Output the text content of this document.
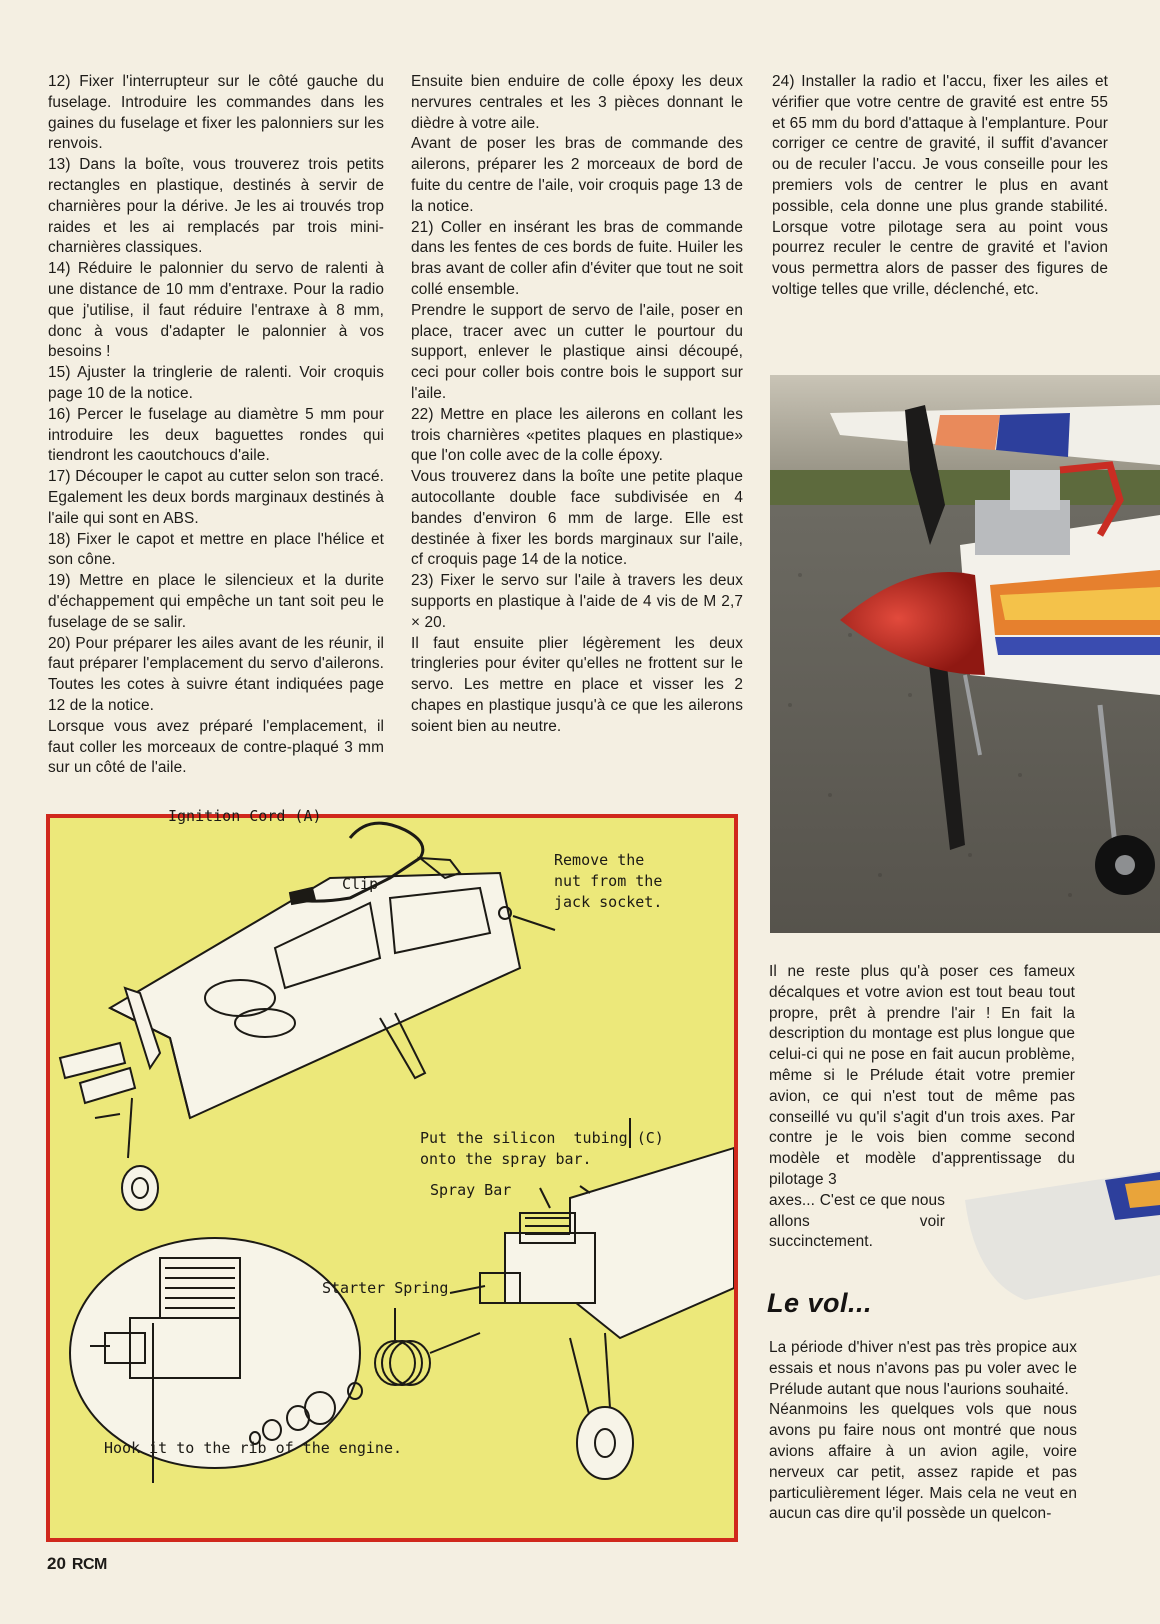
12) Fixer l'interrupteur sur le côté gauche du fuselage. Introduire les commandes dans les gaines du fuselage et fixer les palonniers sur les renvois.

13) Dans la boîte, vous trouverez trois petits rectangles en plastique, destinés à servir de charnières pour la dérive. Je les ai trouvés trop raides et les ai remplacés par trois mini-charnières classiques.

14) Réduire le palonnier du servo de ralenti à une distance de 10 mm d'entraxe. Pour la radio que j'utilise, il faut réduire l'entraxe à 8 mm, donc à vous d'adapter le palonnier à vos besoins !

15) Ajuster la tringlerie de ralenti. Voir croquis page 10 de la notice.

16) Percer le fuselage au diamètre 5 mm pour introduire les deux baguettes rondes qui tiendront les caoutchoucs d'aile.

17) Découper le capot au cutter selon son tracé. Egalement les deux bords marginaux destinés à l'aile qui sont en ABS.

18) Fixer le capot et mettre en place l'hélice et son cône.

19) Mettre en place le silencieux et la durite d'échappement qui empêche un tant soit peu le fuselage de se salir.

20) Pour préparer les ailes avant de les réunir, il faut préparer l'emplacement du servo d'ailerons. Toutes les cotes à suivre étant indiquées page 12 de la notice.

Lorsque vous avez préparé l'emplacement, il faut coller les morceaux de contre-plaqué 3 mm sur un côté de l'aile.

Ensuite bien enduire de colle époxy les deux nervures centrales et les 3 pièces donnant le dièdre à votre aile.

Avant de poser les bras de commande des ailerons, préparer les 2 morceaux de bord de fuite du centre de l'aile, voir croquis page 13 de la notice.

21) Coller en insérant les bras de commande dans les fentes de ces bords de fuite. Huiler les bras avant de coller afin d'éviter que tout ne soit collé ensemble.

Prendre le support de servo de l'aile, poser en place, tracer avec un cutter le pourtour du support, enlever le plastique ainsi découpé, ceci pour coller bois contre bois le support sur l'aile.

22) Mettre en place les ailerons en collant les trois charnières «petites plaques en plastique» que l'on colle avec de la colle époxy.

Vous trouverez dans la boîte une petite plaque autocollante double face subdivisée en 4 bandes d'environ 6 mm de large. Elle est destinée à fixer les bords marginaux sur l'aile, cf croquis page 14 de la notice.

23) Fixer le servo sur l'aile à travers les deux supports en plastique à l'aide de 4 vis de M 2,7 × 20.

Il faut ensuite plier légèrement les deux tringleries pour éviter qu'elles ne frottent sur le servo. Les mettre en place et visser les 2 chapes en plastique jusqu'à ce que les ailerons soient bien au neutre.

24) Installer la radio et l'accu, fixer les ailes et vérifier que votre centre de gravité est entre 55 et 65 mm du bord d'attaque à l'emplanture. Pour corriger ce centre de gravité, il suffit d'avancer ou de reculer l'accu. Je vous conseille pour les premiers vols de centrer le plus en avant possible, cela donne une plus grande stabilité. Lorsque votre pilotage sera au point vous pourrez reculer le centre de gravité et l'avion vous permettra alors de passer des figures de voltige telles que vrille, déclenché, etc.

Il ne reste plus qu'à poser ces fameux décalques et votre avion est tout beau tout propre, prêt à prendre l'air ! En fait la description du montage est plus longue que celui-ci qui ne pose en fait aucun problème, même si le Prélude était votre premier avion, ce qui n'est tout de même pas conseillé vu qu'il s'agit d'un trois axes. Par contre je le vois bien comme second modèle et modèle d'apprentissage du pilotage 3

axes... C'est ce que nous allons voir succinctement.

Le vol...

La période d'hiver n'est pas très propice aux essais et nous n'avons pas pu voler avec le Prélude autant que nous l'aurions souhaité.

Néanmoins les quelques vols que nous avons pu faire nous ont montré que nous avions affaire à un avion agile, voire nerveux car petit, assez rapide et pas particulièrement léger. Mais cela ne veut en aucun cas dire qu'il possède un quelcon-

Ignition Cord (A)
Clip
Remove the
nut from the
jack socket.
Put the silicon  tubing (C)
onto the spray bar.
Spray Bar
Starter Spring
Hook it to the rib of the engine.
20 RCM
